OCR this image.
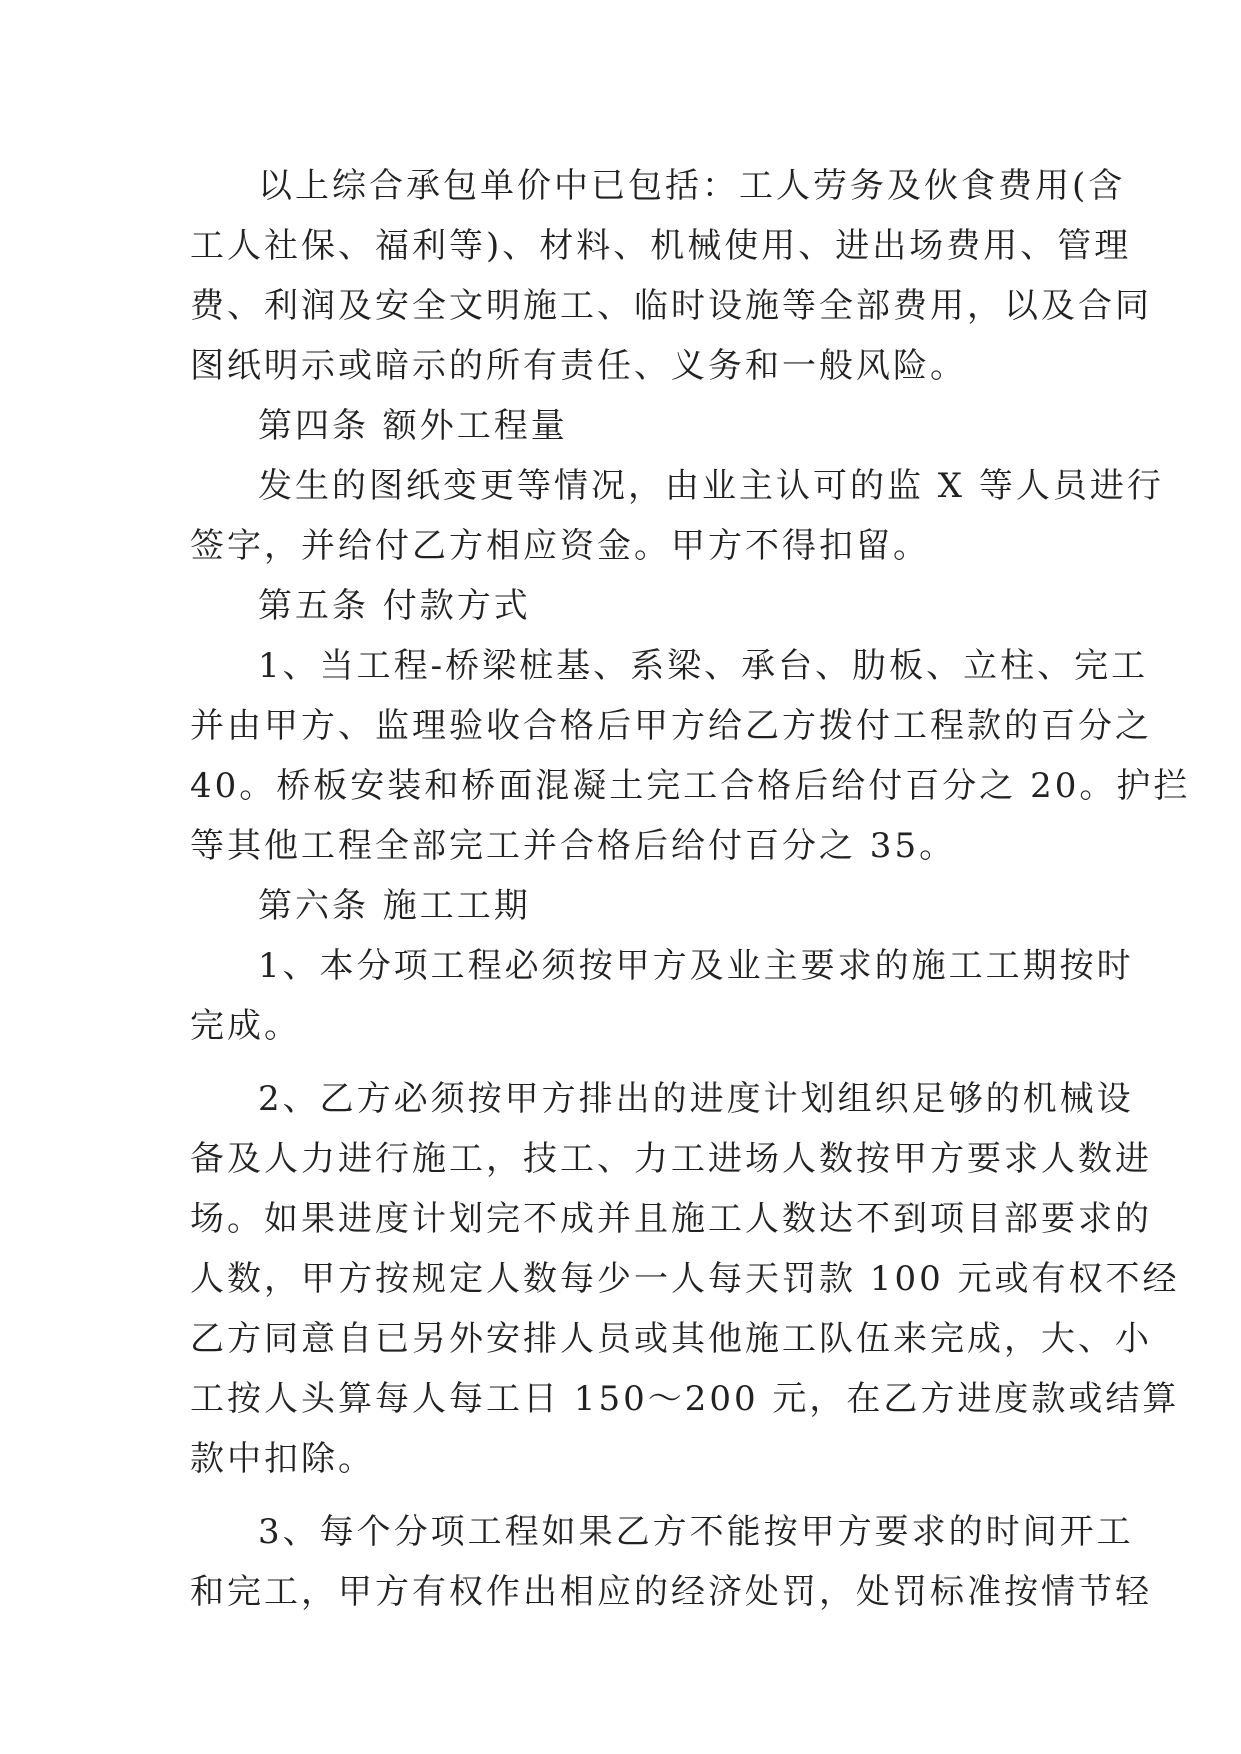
以上综合承包单价中已包括：工人劳务及伙食费用(含
工人社保、福利等)、材料、机械使用、进出场费用、管理
费、利润及安全文明施工、临时设施等全部费用，以及合同
图纸明示或暗示的所有责任、义务和一般风险。
第四条 额外工程量
发生的图纸变更等情况，由业主认可的监 X 等人员进行
签字，并给付乙方相应资金。甲方不得扣留。
第五条 付款方式
1、当工程-桥梁桩基、系梁、承台、肋板、立柱、完工
并由甲方、监理验收合格后甲方给乙方拨付工程款的百分之
40。桥板安装和桥面混凝土完工合格后给付百分之 20。护拦
等其他工程全部完工并合格后给付百分之 35。
第六条 施工工期
1、本分项工程必须按甲方及业主要求的施工工期按时
完成。
2、乙方必须按甲方排出的进度计划组织足够的机械设
备及人力进行施工，技工、力工进场人数按甲方要求人数进
场。如果进度计划完不成并且施工人数达不到项目部要求的
人数，甲方按规定人数每少一人每天罚款 100 元或有权不经
乙方同意自已另外安排人员或其他施工队伍来完成，大、小
工按人头算每人每工日 150～200 元，在乙方进度款或结算
款中扣除。
3、每个分项工程如果乙方不能按甲方要求的时间开工
和完工，甲方有权作出相应的经济处罚，处罚标准按情节轻
